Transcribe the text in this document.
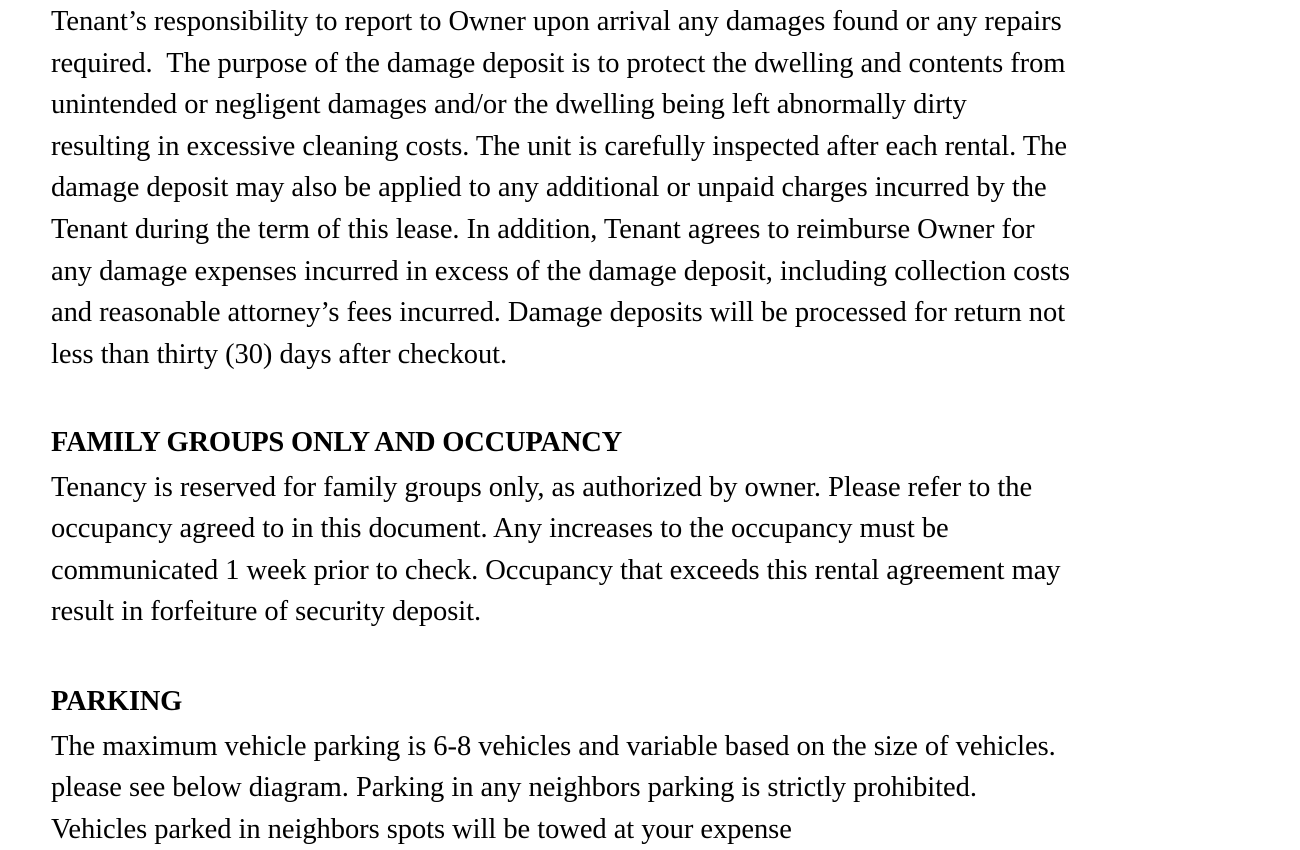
Tenant’s responsibility to report to Owner upon arrival any damages found or any repairs
required.  The purpose of the damage deposit is to protect the dwelling and contents from
unintended or negligent damages and/or the dwelling being left abnormally dirty
resulting in excessive cleaning costs. The unit is carefully inspected after each rental. The
damage deposit may also be applied to any additional or unpaid charges incurred by the
Tenant during the term of this lease. In addition, Tenant agrees to reimburse Owner for
any damage expenses incurred in excess of the damage deposit, including collection costs
and reasonable attorney’s fees incurred. Damage deposits will be processed for return not
less than thirty (30) days after checkout.
FAMILY GROUPS ONLY AND OCCUPANCY
Tenancy is reserved for family groups only, as authorized by owner. Please refer to the
occupancy agreed to in this document. Any increases to the occupancy must be
communicated 1 week prior to check. Occupancy that exceeds this rental agreement may
result in forfeiture of security deposit.
PARKING
The maximum vehicle parking is 6-8 vehicles and variable based on the size of vehicles.
please see below diagram. Parking in any neighbors parking is strictly prohibited.
Vehicles parked in neighbors spots will be towed at your expense
